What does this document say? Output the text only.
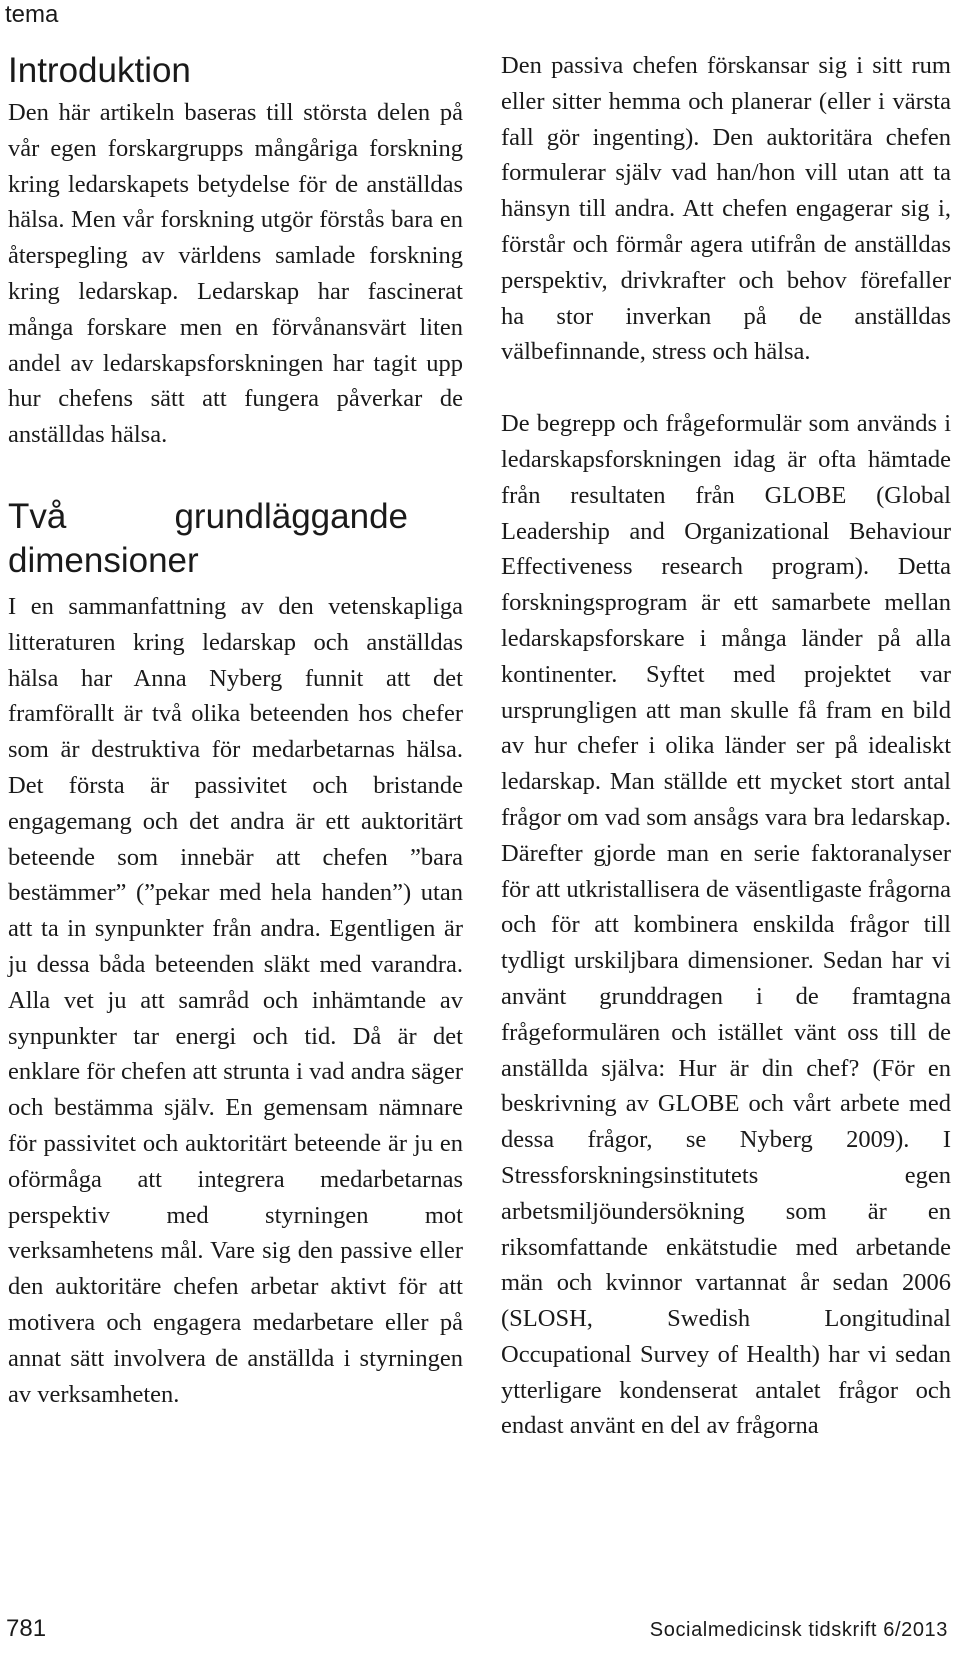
tema
Introduktion

Den här artikeln baseras till största delen på vår egen forskargrupps mångåriga forskning kring ledarskapets betydelse för de anställdas hälsa. Men vår forskning utgör förstås bara en återspegling av världens samlade forskning kring ledarskap. Ledarskap har fascinerat många forskare men en förvånansvärt liten andel av ledarskapsforskningen har tagit upp hur chefens sätt att fungera påverkar de anställdas hälsa.

Två grundläggande dimensioner

I en sammanfattning av den vetenskapliga litteraturen kring ledarskap och anställdas hälsa har Anna Nyberg funnit att det framförallt är två olika beteenden hos chefer som är destruktiva för medarbetarnas hälsa. Det första är passivitet och bristande engagemang och det andra är ett auktoritärt beteende som innebär att chefen ”bara bestämmer” (”pekar med hela handen”) utan att ta in synpunkter från andra. Egentligen är ju dessa båda beteenden släkt med varandra. Alla vet ju att samråd och inhämtande av synpunkter tar energi och tid. Då är det enklare för chefen att strunta i vad andra säger och bestämma själv. En gemensam nämnare för passivitet och auktoritärt beteende är ju en oförmåga att integrera medarbetarnas perspektiv med styrningen mot verksamhetens mål. Vare sig den passive eller den auktoritäre chefen arbetar aktivt för att motivera och engagera medarbetare eller på annat sätt involvera de anställda i styrningen av verksamheten.

Den passiva chefen förskansar sig i sitt rum eller sitter hemma och planerar (eller i värsta fall gör ingenting). Den auktoritära chefen formulerar själv vad han/hon vill utan att ta hänsyn till andra. Att chefen engagerar sig i, förstår och förmår agera utifrån de anställdas perspektiv, drivkrafter och behov förefaller ha stor inverkan på de anställdas välbefinnande, stress och hälsa.

De begrepp och frågeformulär som används i ledarskapsforskningen idag är ofta hämtade från resultaten från GLOBE (Global Leadership and Organizational Behaviour Effectiveness research program). Detta forskningsprogram är ett samarbete mellan ledarskapsforskare i många länder på alla kontinenter. Syftet med projektet var ursprungligen att man skulle få fram en bild av hur chefer i olika länder ser på idealiskt ledarskap. Man ställde ett mycket stort antal frågor om vad som ansågs vara bra ledarskap. Därefter gjorde man en serie faktoranalyser för att utkristallisera de väsentligaste frågorna och för att kombinera enskilda frågor till tydligt urskiljbara dimensioner. Sedan har vi använt grunddragen i de framtagna frågeformulären och istället vänt oss till de anställda själva: Hur är din chef? (För en beskrivning av GLOBE och vårt arbete med dessa frågor, se Nyberg 2009). I Stressforskningsinstitutets egen arbetsmiljöundersökning som är en riksomfattande enkätstudie med arbetande män och kvinnor vartannat år sedan 2006 (SLOSH, Swedish Longitudinal Occupational Survey of Health) har vi sedan ytterligare kondenserat antalet frågor och endast använt en del av frågorna

781	Socialmedicinsk tidskrift 6/2013
